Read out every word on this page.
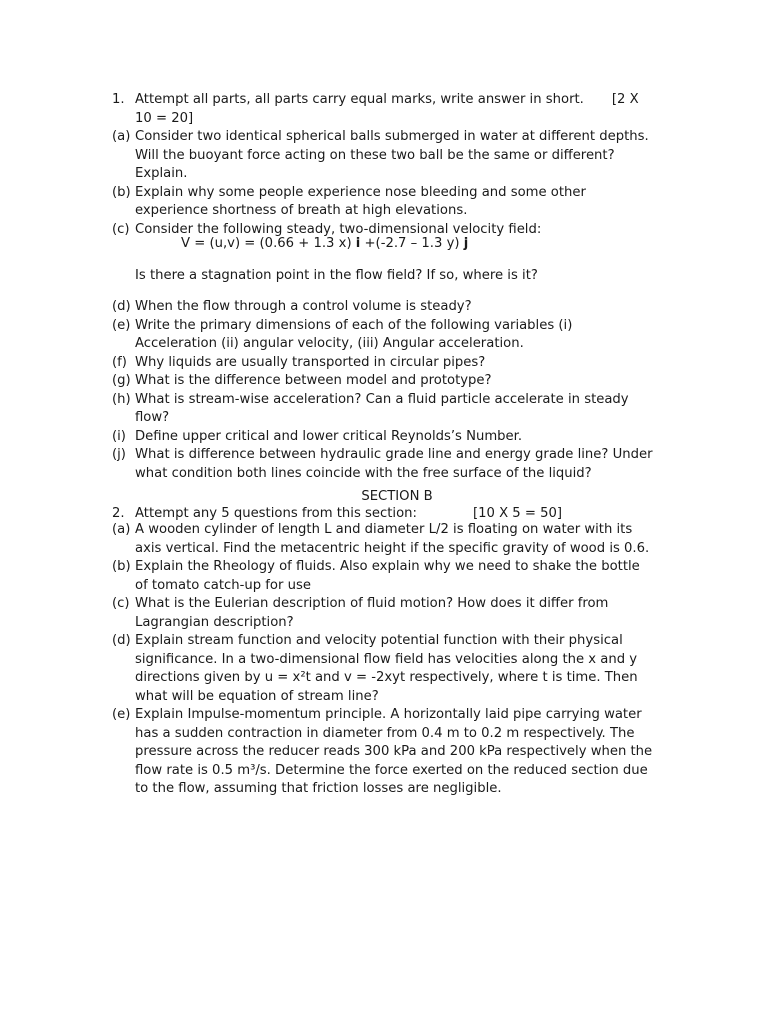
1. Attempt all parts, all parts carry equal marks, write answer in short. [2 X
10 = 20]
(a) Consider two identical spherical balls submerged in water at different depths.
Will the buoyant force acting on these two ball be the same or different?
Explain.
(b) Explain why some people experience nose bleeding and some other
experience shortness of breath at high elevations.
(c) Consider the following steady, two-dimensional velocity field:
V = (u,v) = (0.66 + 1.3 x) i +(-2.7 – 1.3 y) j
Is there a stagnation point in the flow field? If so, where is it?
(d) When the flow through a control volume is steady?
(e) Write the primary dimensions of each of the following variables (i)
Acceleration (ii) angular velocity, (iii) Angular acceleration.
(f) Why liquids are usually transported in circular pipes?
(g) What is the difference between model and prototype?
(h) What is stream-wise acceleration? Can a fluid particle accelerate in steady
flow?
(i) Define upper critical and lower critical Reynolds’s Number.
(j) What is difference between hydraulic grade line and energy grade line? Under
what condition both lines coincide with the free surface of the liquid?
SECTION B
2. Attempt any 5 questions from this section:	[10 X 5 = 50]
(a) A wooden cylinder of length L and diameter L/2 is floating on water with its
axis vertical. Find the metacentric height if the specific gravity of wood is 0.6.
(b) Explain the Rheology of fluids. Also explain why we need to shake the bottle
of tomato catch-up for use
(c) What is the Eulerian description of fluid motion? How does it differ from
Lagrangian description?
(d) Explain stream function and velocity potential function with their physical
significance. In a two-dimensional flow field has velocities along the x and y
directions given by u = x²t and v = -2xyt respectively, where t is time. Then
what will be equation of stream line?
(e) Explain Impulse-momentum principle. A horizontally laid pipe carrying water
has a sudden contraction in diameter from 0.4 m to 0.2 m respectively. The
pressure across the reducer reads 300 kPa and 200 kPa respectively when the
flow rate is 0.5 m³/s. Determine the force exerted on the reduced section due
to the flow, assuming that friction losses are negligible.
